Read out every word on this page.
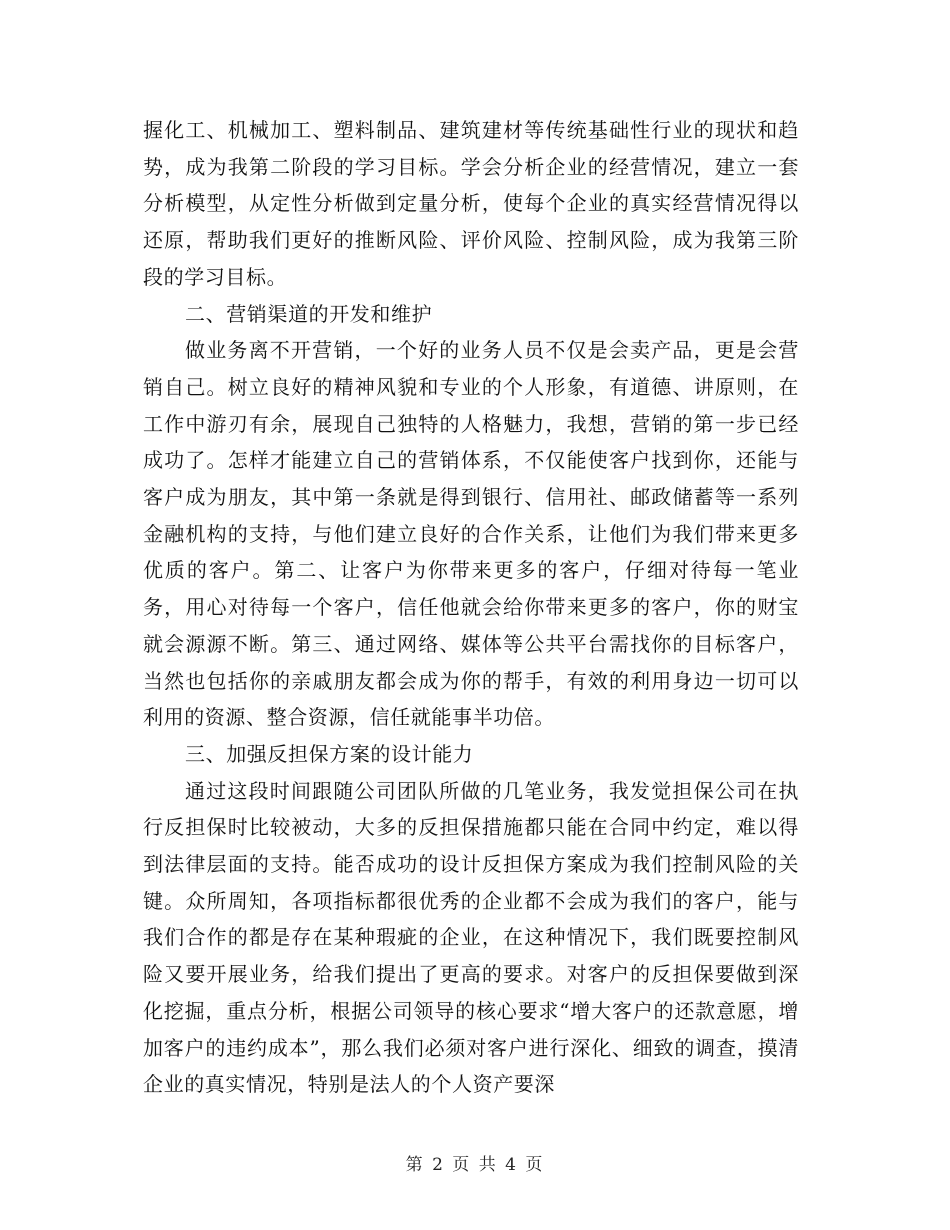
握化工、机械加工、塑料制品、建筑建材等传统基础性行业的现状和趋势，成为我第二阶段的学习目标。学会分析企业的经营情况，建立一套分析模型，从定性分析做到定量分析，使每个企业的真实经营情况得以还原，帮助我们更好的推断风险、评价风险、控制风险，成为我第三阶段的学习目标。

二、营销渠道的开发和维护

做业务离不开营销，一个好的业务人员不仅是会卖产品，更是会营销自己。树立良好的精神风貌和专业的个人形象，有道德、讲原则，在工作中游刃有余，展现自己独特的人格魅力，我想，营销的第一步已经成功了。怎样才能建立自己的营销体系，不仅能使客户找到你，还能与客户成为朋友，其中第一条就是得到银行、信用社、邮政储蓄等一系列金融机构的支持，与他们建立良好的合作关系，让他们为我们带来更多优质的客户。第二、让客户为你带来更多的客户，仔细对待每一笔业务，用心对待每一个客户，信任他就会给你带来更多的客户，你的财宝就会源源不断。第三、通过网络、媒体等公共平台需找你的目标客户，当然也包括你的亲戚朋友都会成为你的帮手，有效的利用身边一切可以利用的资源、整合资源，信任就能事半功倍。

三、加强反担保方案的设计能力

通过这段时间跟随公司团队所做的几笔业务，我发觉担保公司在执行反担保时比较被动，大多的反担保措施都只能在合同中约定，难以得到法律层面的支持。能否成功的设计反担保方案成为我们控制风险的关键。众所周知，各项指标都很优秀的企业都不会成为我们的客户，能与我们合作的都是存在某种瑕疵的企业，在这种情况下，我们既要控制风险又要开展业务，给我们提出了更高的要求。对客户的反担保要做到深化挖掘，重点分析，根据公司领导的核心要求“增大客户的还款意愿，增加客户的违约成本”，那么我们必须对客户进行深化、细致的调查，摸清企业的真实情况，特别是法人的个人资产要深

第 2 页 共 4 页
